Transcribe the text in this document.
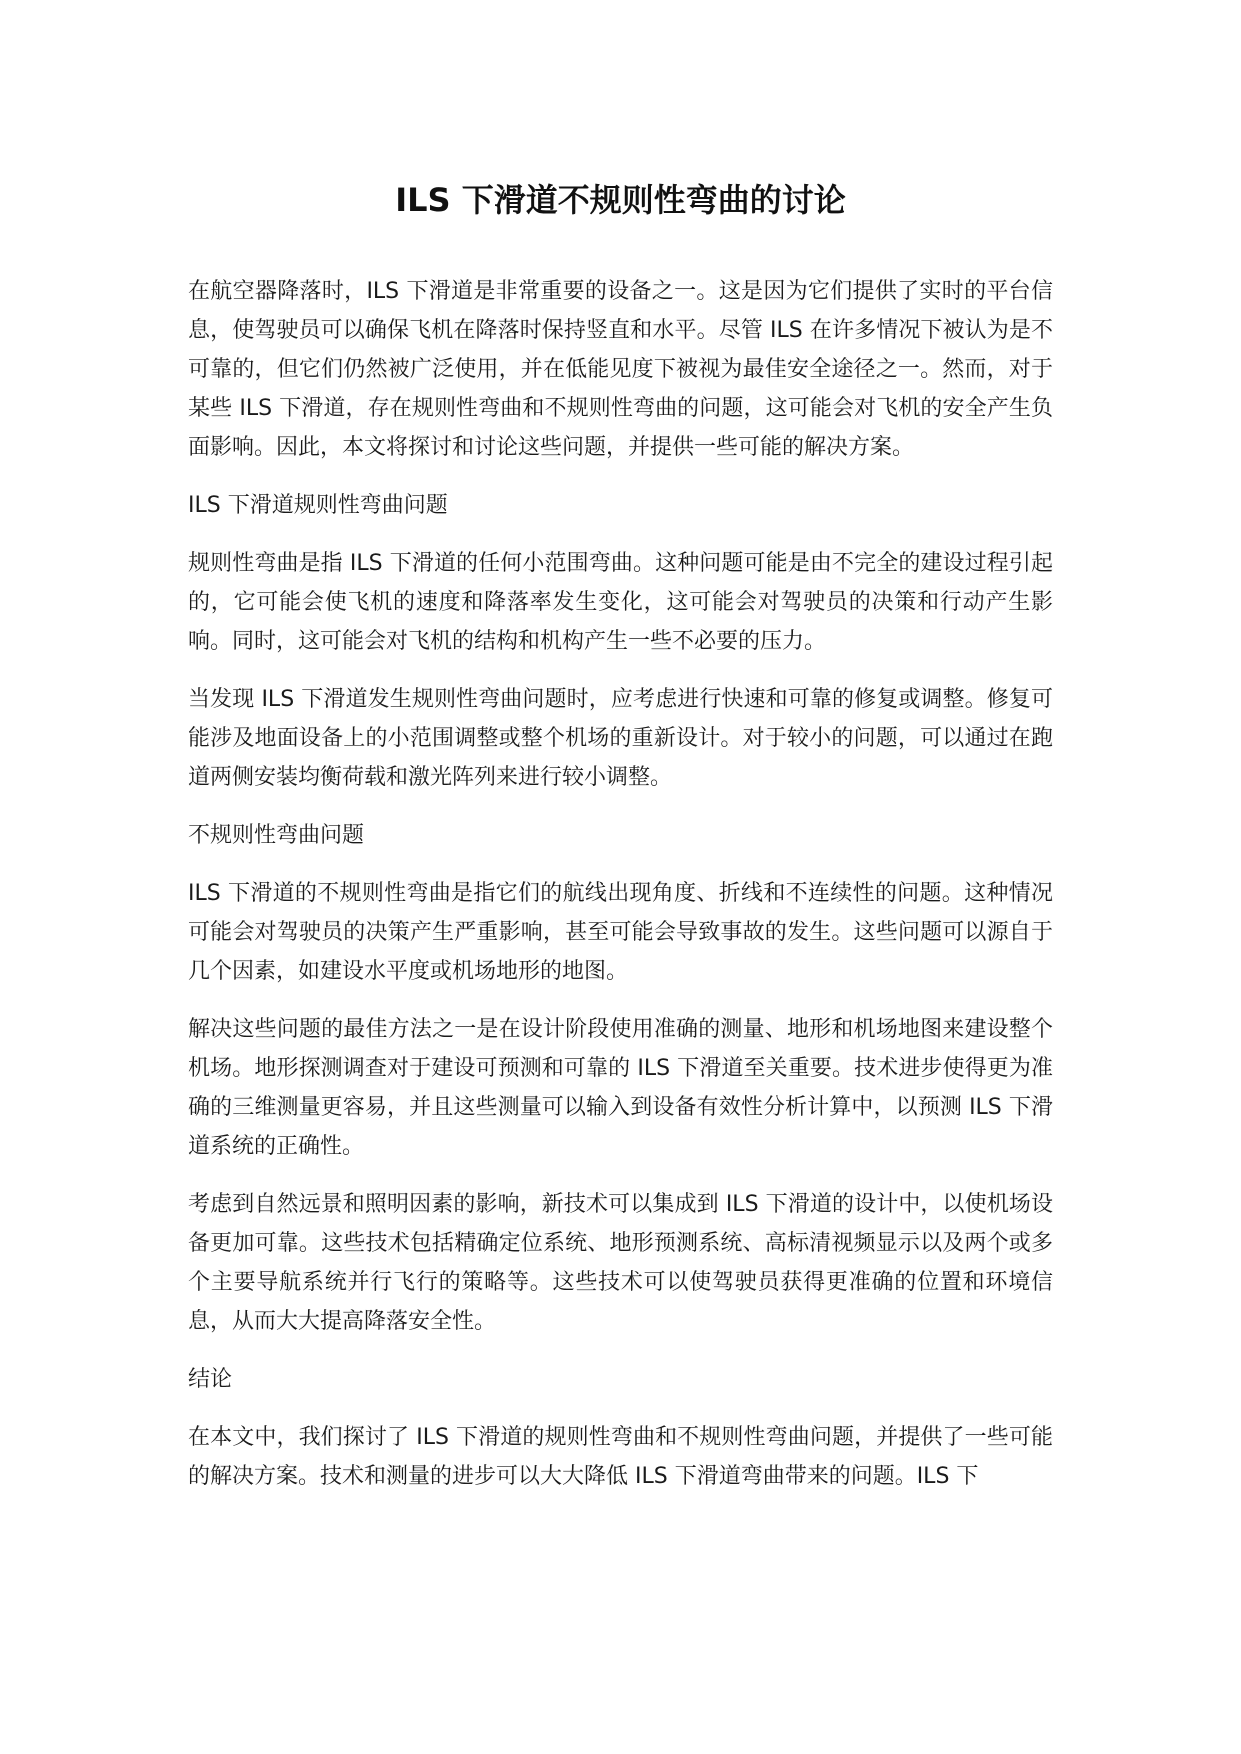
ILS 下滑道不规则性弯曲的讨论

在航空器降落时，ILS 下滑道是非常重要的设备之一。这是因为它们提供了实时的平台信息，使驾驶员可以确保飞机在降落时保持竖直和水平。尽管 ILS 在许多情况下被认为是不可靠的，但它们仍然被广泛使用，并在低能见度下被视为最佳安全途径之一。然而，对于某些 ILS 下滑道，存在规则性弯曲和不规则性弯曲的问题，这可能会对飞机的安全产生负面影响。因此，本文将探讨和讨论这些问题，并提供一些可能的解决方案。

ILS 下滑道规则性弯曲问题

规则性弯曲是指 ILS 下滑道的任何小范围弯曲。这种问题可能是由不完全的建设过程引起的，它可能会使飞机的速度和降落率发生变化，这可能会对驾驶员的决策和行动产生影响。同时，这可能会对飞机的结构和机构产生一些不必要的压力。

当发现 ILS 下滑道发生规则性弯曲问题时，应考虑进行快速和可靠的修复或调整。修复可能涉及地面设备上的小范围调整或整个机场的重新设计。对于较小的问题，可以通过在跑道两侧安装均衡荷载和激光阵列来进行较小调整。

不规则性弯曲问题

ILS 下滑道的不规则性弯曲是指它们的航线出现角度、折线和不连续性的问题。这种情况可能会对驾驶员的决策产生严重影响，甚至可能会导致事故的发生。这些问题可以源自于几个因素，如建设水平度或机场地形的地图。

解决这些问题的最佳方法之一是在设计阶段使用准确的测量、地形和机场地图来建设整个机场。地形探测调查对于建设可预测和可靠的 ILS 下滑道至关重要。技术进步使得更为准确的三维测量更容易，并且这些测量可以输入到设备有效性分析计算中，以预测 ILS 下滑道系统的正确性。

考虑到自然远景和照明因素的影响，新技术可以集成到 ILS 下滑道的设计中，以使机场设备更加可靠。这些技术包括精确定位系统、地形预测系统、高标清视频显示以及两个或多个主要导航系统并行飞行的策略等。这些技术可以使驾驶员获得更准确的位置和环境信息，从而大大提高降落安全性。

结论

在本文中，我们探讨了 ILS 下滑道的规则性弯曲和不规则性弯曲问题，并提供了一些可能的解决方案。技术和测量的进步可以大大降低 ILS 下滑道弯曲带来的问题。ILS 下
